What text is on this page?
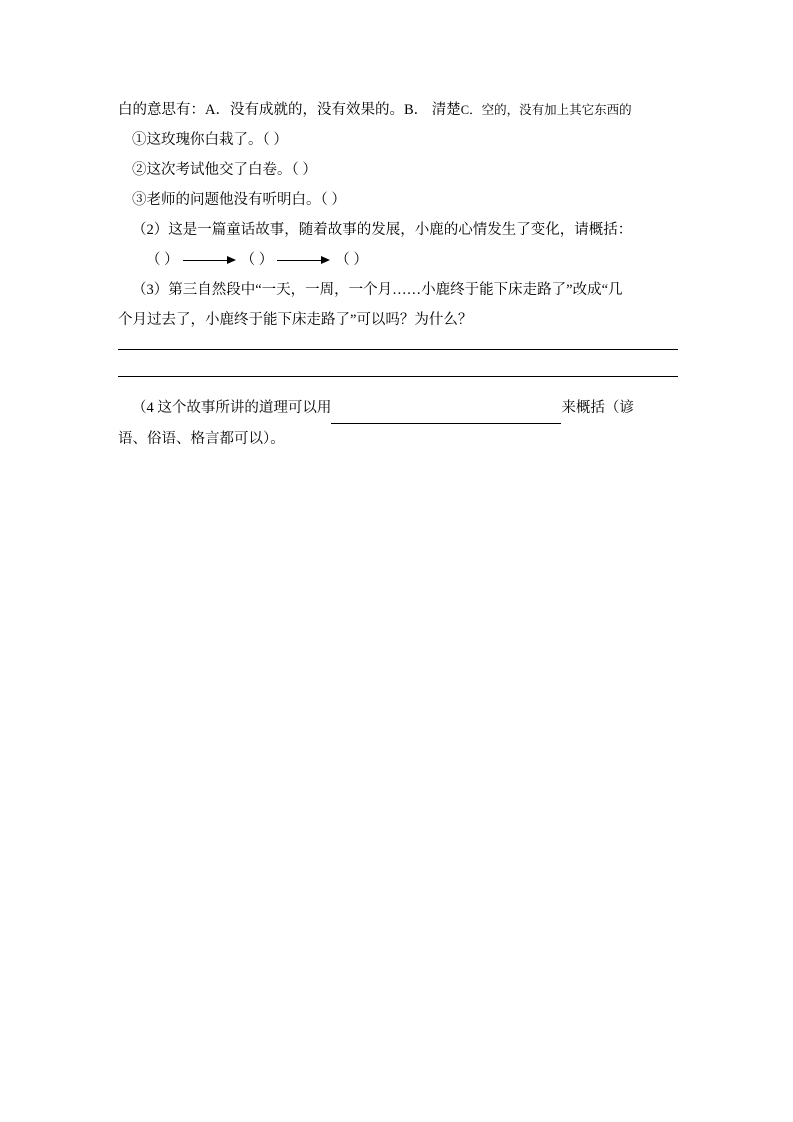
白的意思有：A．没有成就的，没有效果的。B． 清楚C．空的，没有加上其它东西的
①这玫瑰你白栽了。（ ）
②这次考试他交了白卷。（ ）
③老师的问题他没有听明白。（ ）
（2）这是一篇童话故事，随着故事的发展，小鹿的心情发生了变化，请概括：
（ ）	（ ）	（ ）
（3）第三自然段中“一天，一周，一个月……小鹿终于能下床走路了”改成“几
个月过去了，小鹿终于能下床走路了”可以吗？为什么？
（4 这个故事所讲的道理可以用	来概括（谚
语、俗语、格言都可以）。
